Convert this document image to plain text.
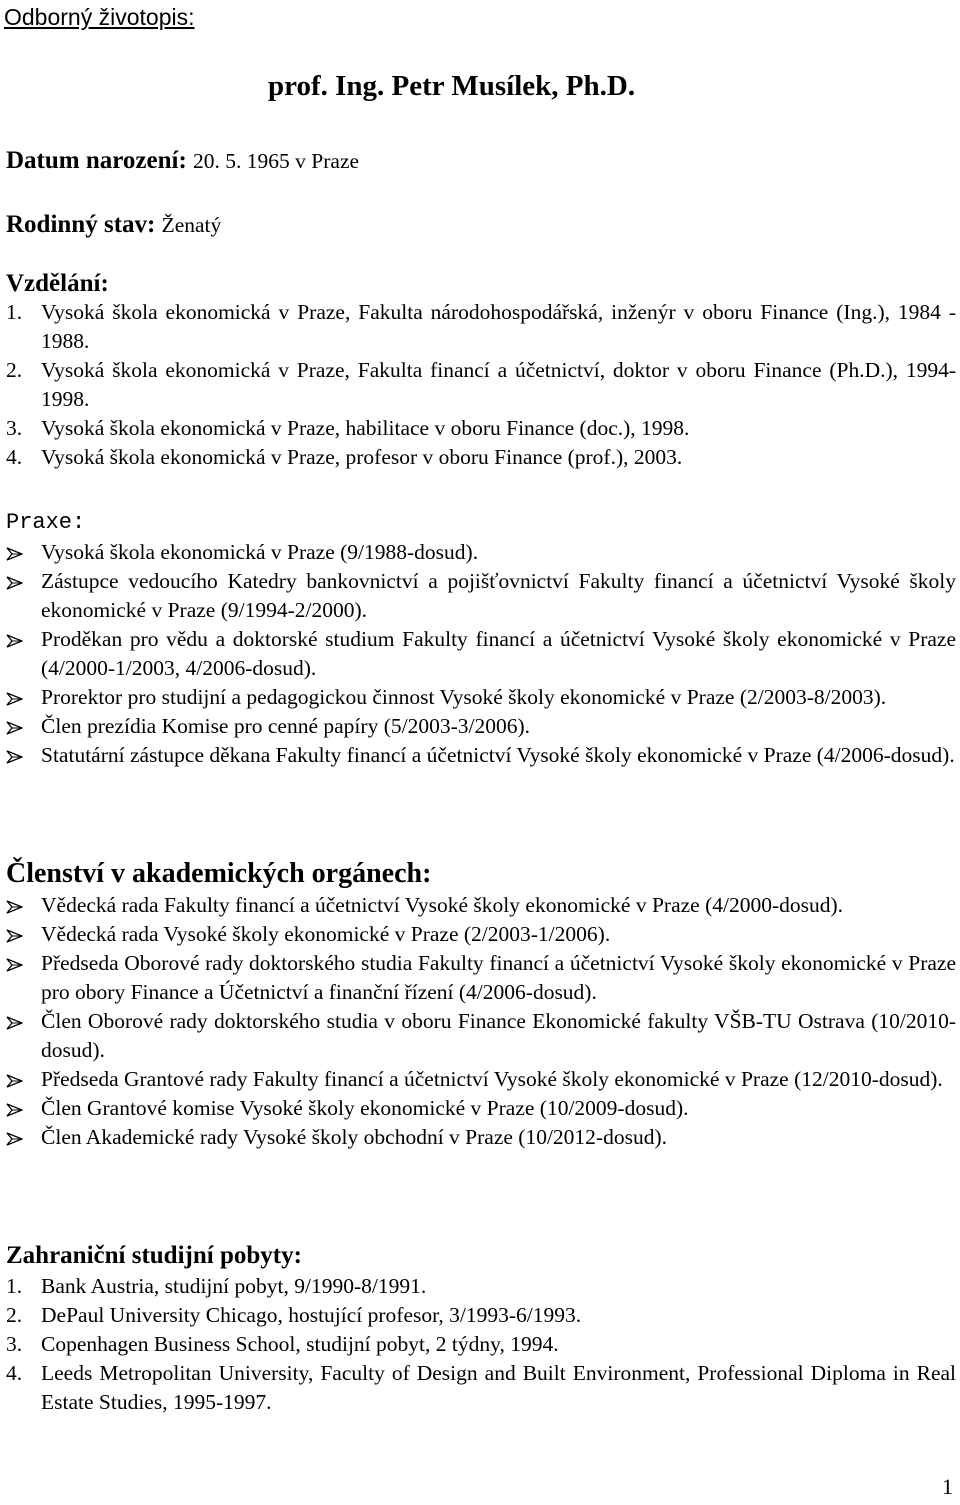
Odborný životopis:
prof. Ing. Petr Musílek, Ph.D.
Datum narození: 20. 5. 1965 v Praze
Rodinný stav: Ženatý
Vzdělání:
1. Vysoká škola ekonomická v Praze, Fakulta národohospodářská, inženýr v oboru Finance (Ing.), 1984 - 1988.
2. Vysoká škola ekonomická v Praze, Fakulta financí a účetnictví, doktor v oboru Finance (Ph.D.), 1994-1998.
3. Vysoká škola ekonomická v Praze, habilitace v oboru Finance (doc.), 1998.
4. Vysoká škola ekonomická v Praze, profesor v oboru Finance (prof.), 2003.
Praxe:
Vysoká škola ekonomická v Praze (9/1988-dosud).
Zástupce vedoucího Katedry bankovnictví a pojišťovnictví Fakulty financí a účetnictví Vysoké školy ekonomické v Praze (9/1994-2/2000).
Proděkan pro vědu a doktorské studium Fakulty financí a účetnictví Vysoké školy ekonomické v Praze (4/2000-1/2003, 4/2006-dosud).
Prorektor pro studijní a pedagogickou činnost Vysoké školy ekonomické v Praze (2/2003-8/2003).
Člen prezídia Komise pro cenné papíry (5/2003-3/2006).
Statutární zástupce děkana Fakulty financí a účetnictví Vysoké školy ekonomické v Praze (4/2006-dosud).
Členství v akademických orgánech:
Vědecká rada Fakulty financí a účetnictví Vysoké školy ekonomické v Praze (4/2000-dosud).
Vědecká rada Vysoké školy ekonomické v Praze (2/2003-1/2006).
Předseda Oborové rady doktorského studia Fakulty financí a účetnictví Vysoké školy ekonomické v Praze pro obory Finance a Účetnictví a finanční řízení (4/2006-dosud).
Člen Oborové rady doktorského studia v oboru Finance Ekonomické fakulty VŠB-TU Ostrava (10/2010-dosud).
Předseda Grantové rady Fakulty financí a účetnictví Vysoké školy ekonomické v Praze (12/2010-dosud).
Člen Grantové komise Vysoké školy ekonomické v Praze (10/2009-dosud).
Člen Akademické rady Vysoké školy obchodní v Praze (10/2012-dosud).
Zahraniční studijní pobyty:
1. Bank Austria, studijní pobyt, 9/1990-8/1991.
2. DePaul University Chicago, hostující profesor, 3/1993-6/1993.
3. Copenhagen Business School, studijní pobyt, 2 týdny, 1994.
4. Leeds Metropolitan University, Faculty of Design and Built Environment, Professional Diploma in Real Estate Studies, 1995-1997.
1
